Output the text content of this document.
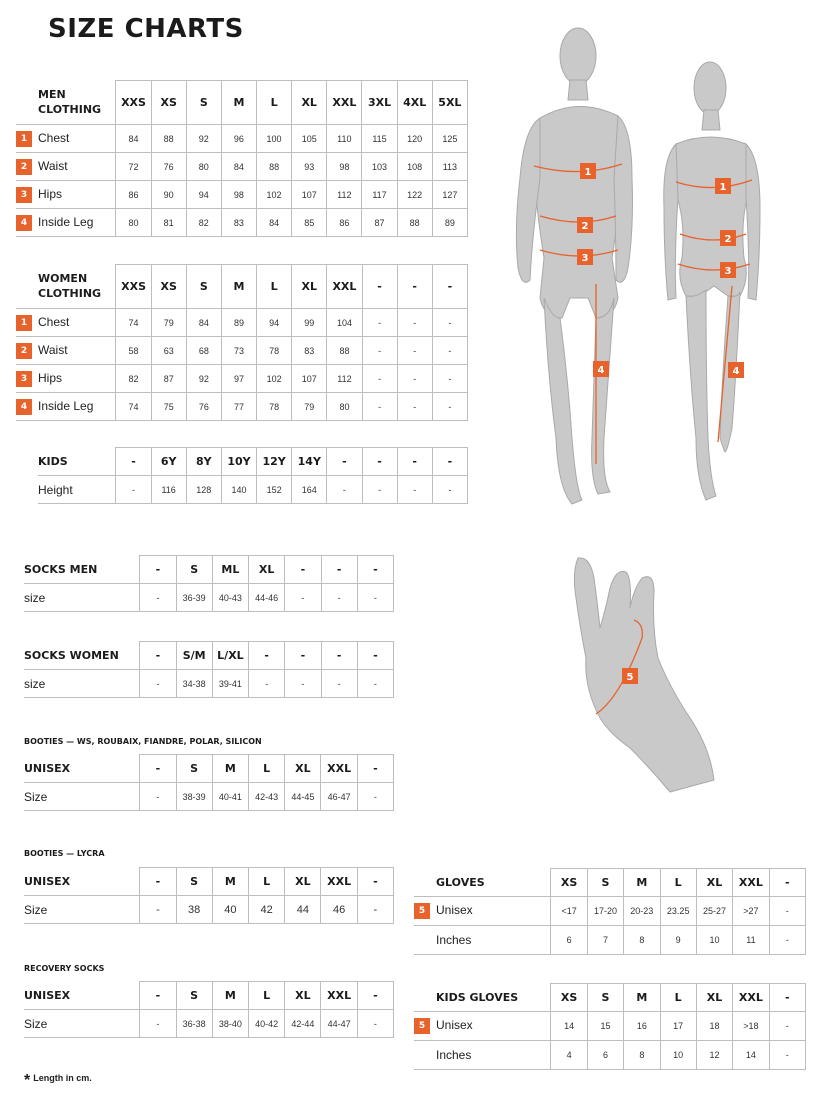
SIZE CHARTS
MEN
CLOTHING	XXS	XS	S	M	L	XL	XXL	3XL	4XL	5XL
1 Chest	84	88	92	96	100	105	110	115	120	125
2 Waist	72	76	80	84	88	93	98	103	108	113
3 Hips	86	90	94	98	102	107	112	117	122	127
4 Inside Leg	80	81	82	83	84	85	86	87	88	89
WOMEN
CLOTHING	XXS	XS	S	M	L	XL	XXL	-	-	-
1 Chest	74	79	84	89	94	99	104	-	-	-
2 Waist	58	63	68	73	78	83	88	-	-	-
3 Hips	82	87	92	97	102	107	112	-	-	-
4 Inside Leg	74	75	76	77	78	79	80	-	-	-
KIDS	-	6Y	8Y	10Y	12Y	14Y	-	-	-	-
Height	-	116	128	140	152	164	-	-	-	-
SOCKS MEN	-	S	ML	XL	-	-	-
size	-	36-39	40-43	44-46	-	-	-
SOCKS WOMEN	-	S/M	L/XL	-	-	-	-
size	-	34-38	39-41	-	-	-	-
BOOTIES — WS, ROUBAIX, FIANDRE, POLAR, SILICON
UNISEX	-	S	M	L	XL	XXL	-
Size	-	38-39	40-41	42-43	44-45	46-47	-
BOOTIES — LYCRA
UNISEX	-	S	M	L	XL	XXL	-
Size	-	38	40	42	44	46	-
RECOVERY SOCKS
UNISEX	-	S	M	L	XL	XXL	-
Size	-	36-38	38-40	40-42	42-44	44-47	-
GLOVES	XS	S	M	L	XL	XXL	-
5 Unisex	<17	17-20	20-23	23.25	25-27	>27	-
Inches	6	7	8	9	10	11	-
KIDS GLOVES	XS	S	M	L	XL	XXL	-
5 Unisex	14	15	16	17	18	>18	-
Inches	4	6	8	10	12	14	-
1
2
3
4
1
2
3
4
5
* Length in cm.
